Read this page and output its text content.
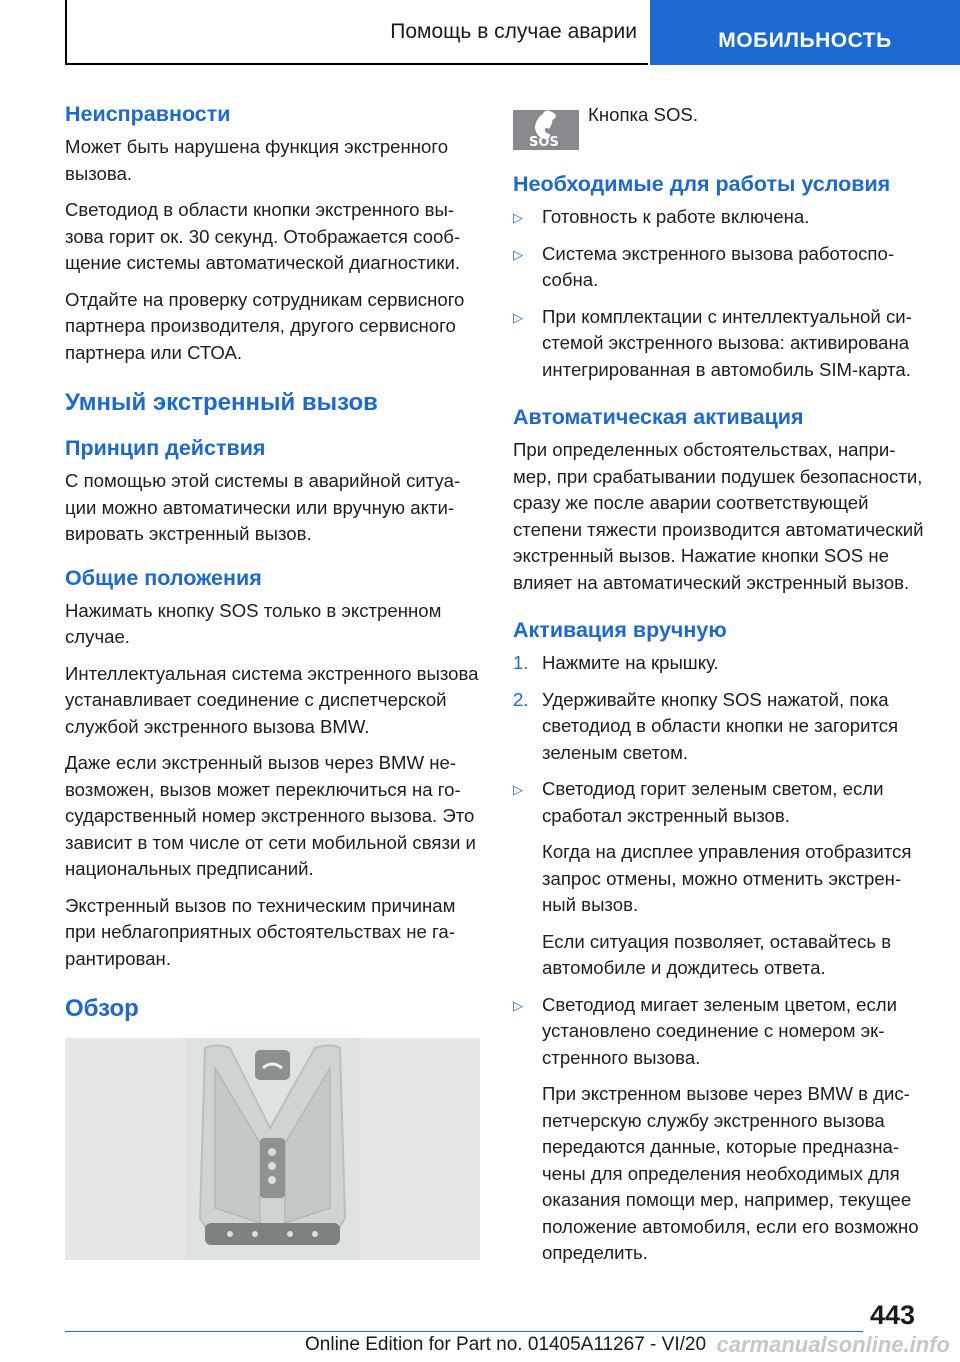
Помощь в случае аварии	МОБИЛЬНОСТЬ
Неисправности

Может быть нарушена функция экстренного вызова.

Светодиод в области кнопки экстренного вызова горит ок. 30 секунд. Отображается сообщение системы автоматической диагностики.

Отдайте на проверку сотрудникам сервисного партнера производителя, другого сервисного партнера или СТОА.

Умный экстренный вызов
Принцип действия

С помощью этой системы в аварийной ситуации можно автоматически или вручную активировать экстренный вызов.

Общие положения

Нажимать кнопку SOS только в экстренном случае.

Интеллектуальная система экстренного вызова устанавливает соединение с диспетчерской службой экстренного вызова BMW.

Даже если экстренный вызов через BMW невозможен, вызов может переключиться на государственный номер экстренного вызова. Это зависит в том числе от сети мобильной связи и национальных предписаний.

Экстренный вызов по техническим причинам при неблагоприятных обстоятельствах не гарантирован.

Обзор
SOS
Кнопка SOS.
Необходимые для работы условия
▷ Готовность к работе включена.
▷ Система экстренного вызова работоспособна.
▷ При комплектации с интеллектуальной системой экстренного вызова: активирована интегрированная в автомобиль SIM-карта.
Автоматическая активация

При определенных обстоятельствах, например, при срабатывании подушек безопасности, сразу же после аварии соответствующей степени тяжести производится автоматический экстренный вызов. Нажатие кнопки SOS не влияет на автоматический экстренный вызов.

Активация вручную
1. Нажмите на крышку.
2. Удерживайте кнопку SOS нажатой, пока светодиод в области кнопки не загорится зеленым светом.
▷ Светодиод горит зеленым светом, если сработал экстренный вызов.

Когда на дисплее управления отобразится запрос отмены, можно отменить экстренный вызов.

Если ситуация позволяет, оставайтесь в автомобиле и дождитесь ответа.

▷ Светодиод мигает зеленым цветом, если установлено соединение с номером экстренного вызова.

При экстренном вызове через BMW в диспетчерскую службу экстренного вызова передаются данные, которые предназначены для определения необходимых для оказания помощи мер, например, текущее положение автомобиля, если его возможно определить.

443
Online Edition for Part no. 01405A11267 - VI/20 carmanualsonline.info
